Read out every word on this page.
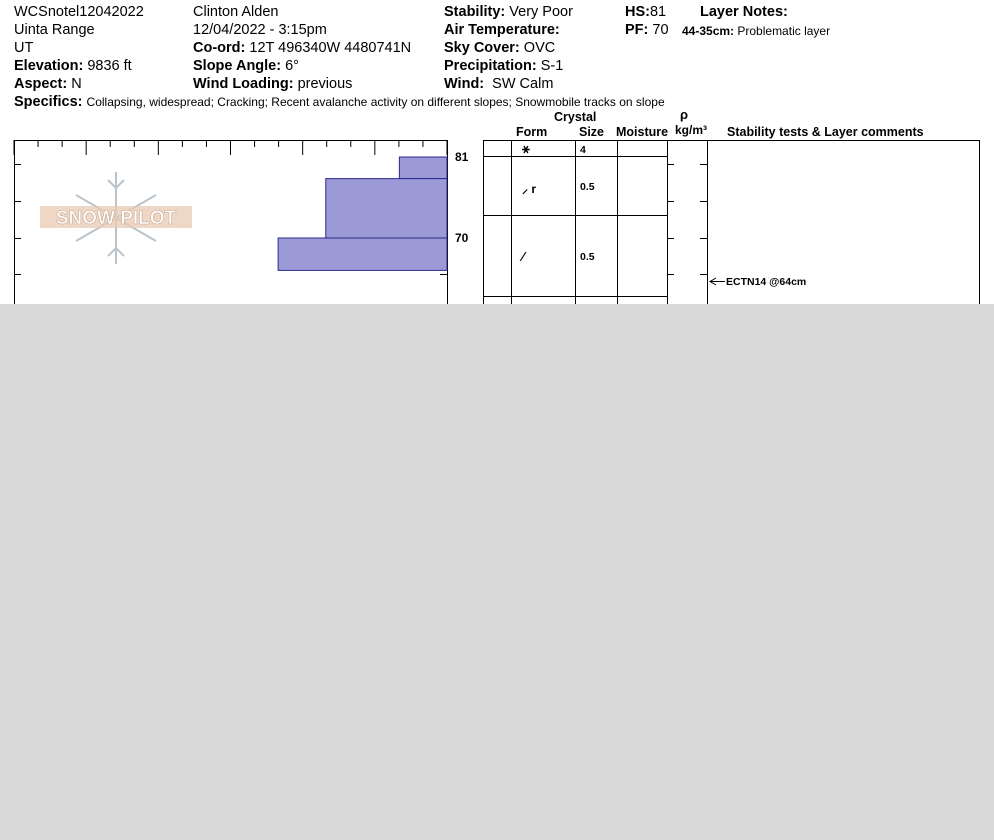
WCSnotel12042022
Uinta Range
UT
Elevation: 9836 ft
Aspect: N
Clinton Alden
12/04/2022 - 3:15pm
Co-ord: 12T 496340W 4480741N
Slope Angle: 6°
Wind Loading: previous
Stability: Very Poor
Air Temperature:
Sky Cover: OVC
Precipitation: S-1
Wind: SW Calm
HS:81
PF: 70
Layer Notes:
44-35cm: Problematic layer
Specifics: Collapsing, widespread; Cracking; Recent avalanche activity on different slopes; Snowmobile tracks on slope
Crystal
Form	Size Moisture
ρ
kg/m³ Stability tests & Layer comments
81
70
SNOW PILOT
⚹	4
⸝ r	0.5
∕	0.5
ECTN14 @64cm
